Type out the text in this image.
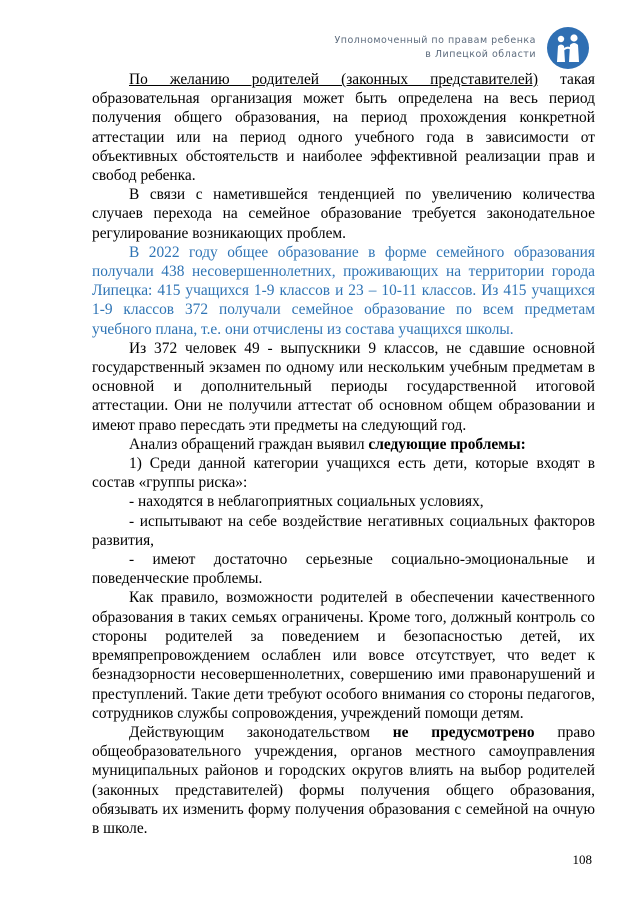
Уполномоченный по правам ребенка
в Липецкой области

По желанию родителей (законных представителей) такая образовательная организация может быть определена на весь период получения общего образования, на период прохождения конкретной аттестации или на период одного учебного года в зависимости от объективных обстоятельств и наиболее эффективной реализации прав и свобод ребенка.

В связи с наметившейся тенденцией по увеличению количества случаев перехода на семейное образование требуется законодательное регулирование возникающих проблем.

В 2022 году общее образование в форме семейного образования получали 438 несовершеннолетних, проживающих на территории города Липецка: 415 учащихся 1-9 классов и 23 – 10-11 классов. Из 415 учащихся 1-9 классов 372 получали семейное образование по всем предметам учебного плана, т.е. они отчислены из состава учащихся школы.

Из 372 человек 49 - выпускники 9 классов, не сдавшие основной государственный экзамен по одному или нескольким учебным предметам в основной и дополнительный периоды государственной итоговой аттестации. Они не получили аттестат об основном общем образовании и имеют право пересдать эти предметы на следующий год.

Анализ обращений граждан выявил следующие проблемы:

1) Среди данной категории учащихся есть дети, которые входят в состав «группы риска»:

- находятся в неблагоприятных социальных условиях,

- испытывают на себе воздействие негативных социальных факторов развития,

- имеют достаточно серьезные социально-эмоциональные и поведенческие проблемы.

Как правило, возможности родителей в обеспечении качественного образования в таких семьях ограничены. Кроме того, должный контроль со стороны родителей за поведением и безопасностью детей, их времяпрепровождением ослаблен или вовсе отсутствует, что ведет к безнадзорности несовершеннолетних, совершению ими правонарушений и преступлений. Такие дети требуют особого внимания со стороны педагогов, сотрудников службы сопровождения, учреждений помощи детям.

Действующим законодательством не предусмотрено право общеобразовательного учреждения, органов местного самоуправления муниципальных районов и городских округов влиять на выбор родителей (законных представителей) формы получения общего образования, обязывать их изменить форму получения образования с семейной на очную в школе.

108
